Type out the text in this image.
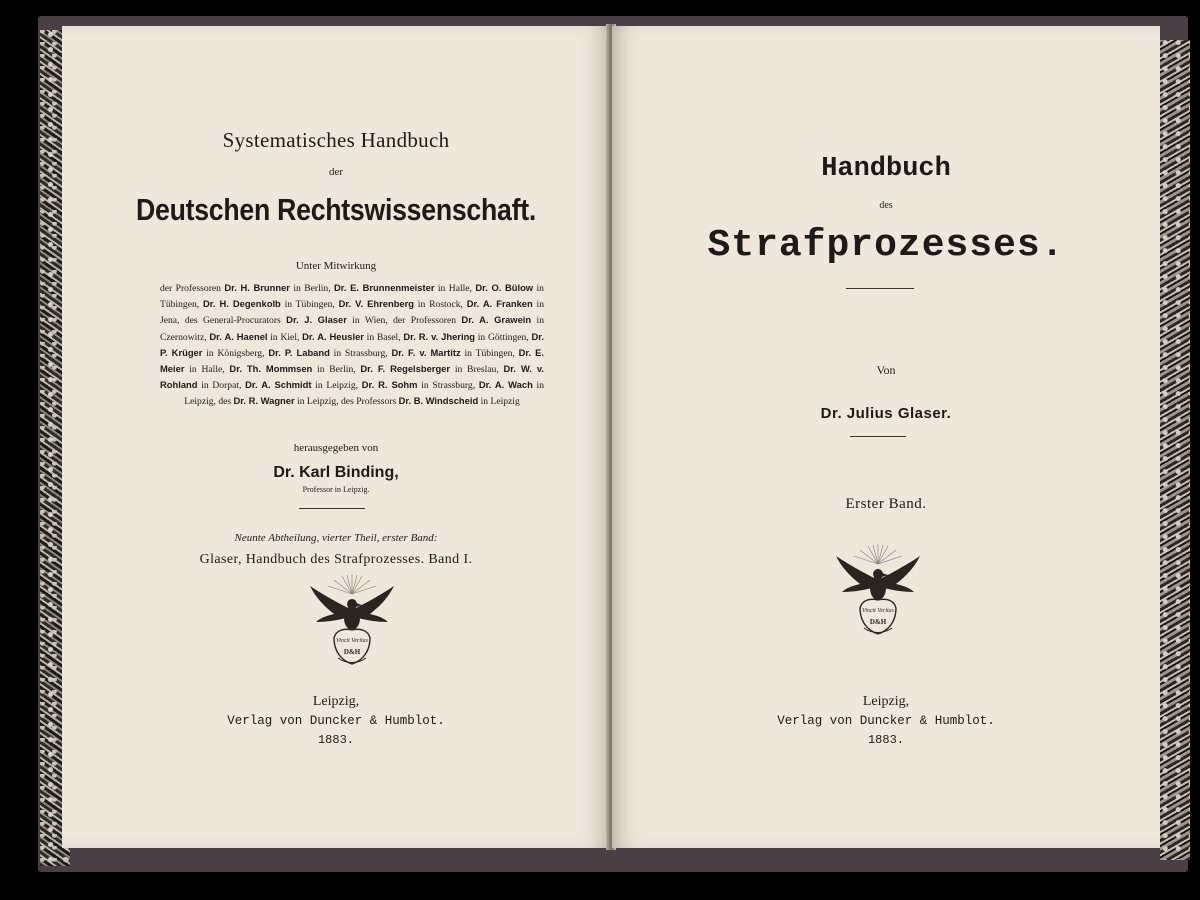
Systematisches Handbuch
der
Deutschen Rechtswissenschaft.
Unter Mitwirkung
der Professoren Dr. H. Brunner in Berlin, Dr. E. Brunnenmeister in Halle, Dr. O. Bülow in Tübingen, Dr. H. Degenkolb in Tübingen, Dr. V. Ehrenberg in Rostock, Dr. A. Franken in Jena, des General-Procurators Dr. J. Glaser in Wien, der Professoren Dr. A. Grawein in Czernowitz, Dr. A. Haenel in Kiel, Dr. A. Heusler in Basel, Dr. R. v. Jhering in Göttingen, Dr. P. Krüger in Königsberg, Dr. P. Laband in Strassburg, Dr. F. v. Martitz in Tübingen, Dr. E. Meier in Halle, Dr. Th. Mommsen in Berlin, Dr. F. Regelsberger in Breslau, Dr. W. v. Rohland in Dorpat, Dr. A. Schmidt in Leipzig, Dr. R. Sohm in Strassburg, Dr. A. Wach in Leipzig, des Dr. R. Wagner in Leipzig, des Professors Dr. B. Windscheid in Leipzig
herausgegeben von
Dr. Karl Binding,
Professor in Leipzig.
Neunte Abtheilung, vierter Theil, erster Band:
Glaser, Handbuch des Strafprozesses. Band I.
Vincit Veritas
D&H
Leipzig,
Verlag von Duncker & Humblot.
1883.
Handbuch
des
Strafprozesses.
Von
Dr. Julius Glaser.
Erster Band.
Vincit Veritas
D&H
Leipzig,
Verlag von Duncker & Humblot.
1883.
